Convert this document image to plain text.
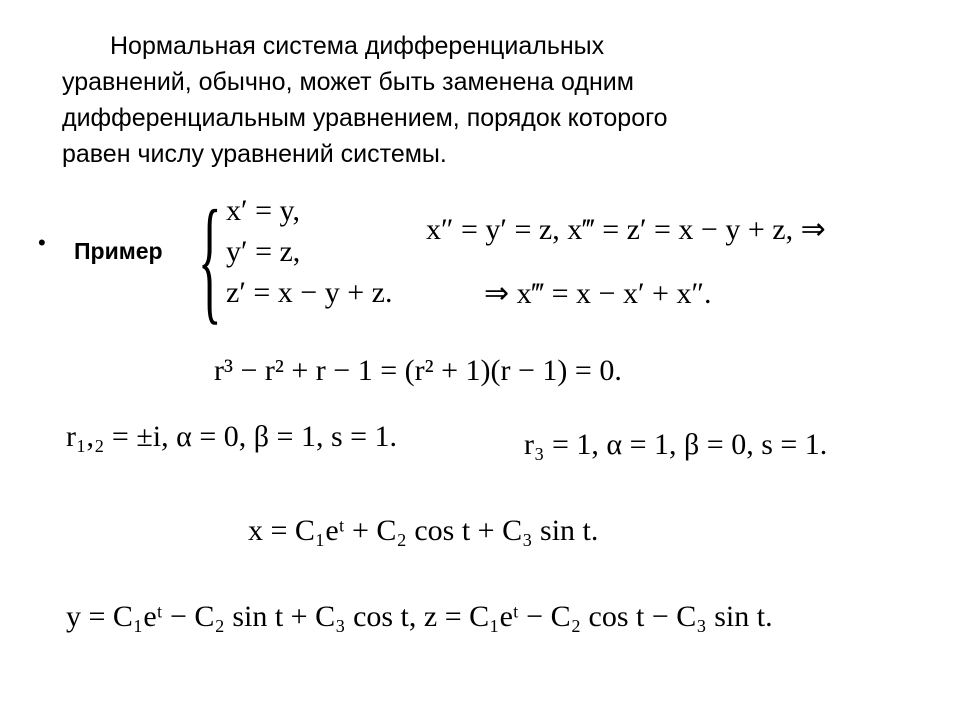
Нормальная система дифференциальных
уравнений, обычно, может быть заменена одним
дифференциальным уравнением, порядок которого
равен числу уравнений системы.
• Пример { x′ = y,
y′ = z,
z′ = x − y + z.
x″ = y′ = z, x‴ = z′ = x − y + z, ⇒
⇒ x‴ = x − x′ + x″.
r³ − r² + r − 1 = (r² + 1)(r − 1) = 0.
r₁,₂ = ±i, α = 0, β = 1, s = 1.	r₃ = 1, α = 1, β = 0, s = 1.
x = C₁eᵗ + C₂ cos t + C₃ sin t.
y = C₁eᵗ − C₂ sin t + C₃ cos t, z = C₁eᵗ − C₂ cos t − C₃ sin t.
